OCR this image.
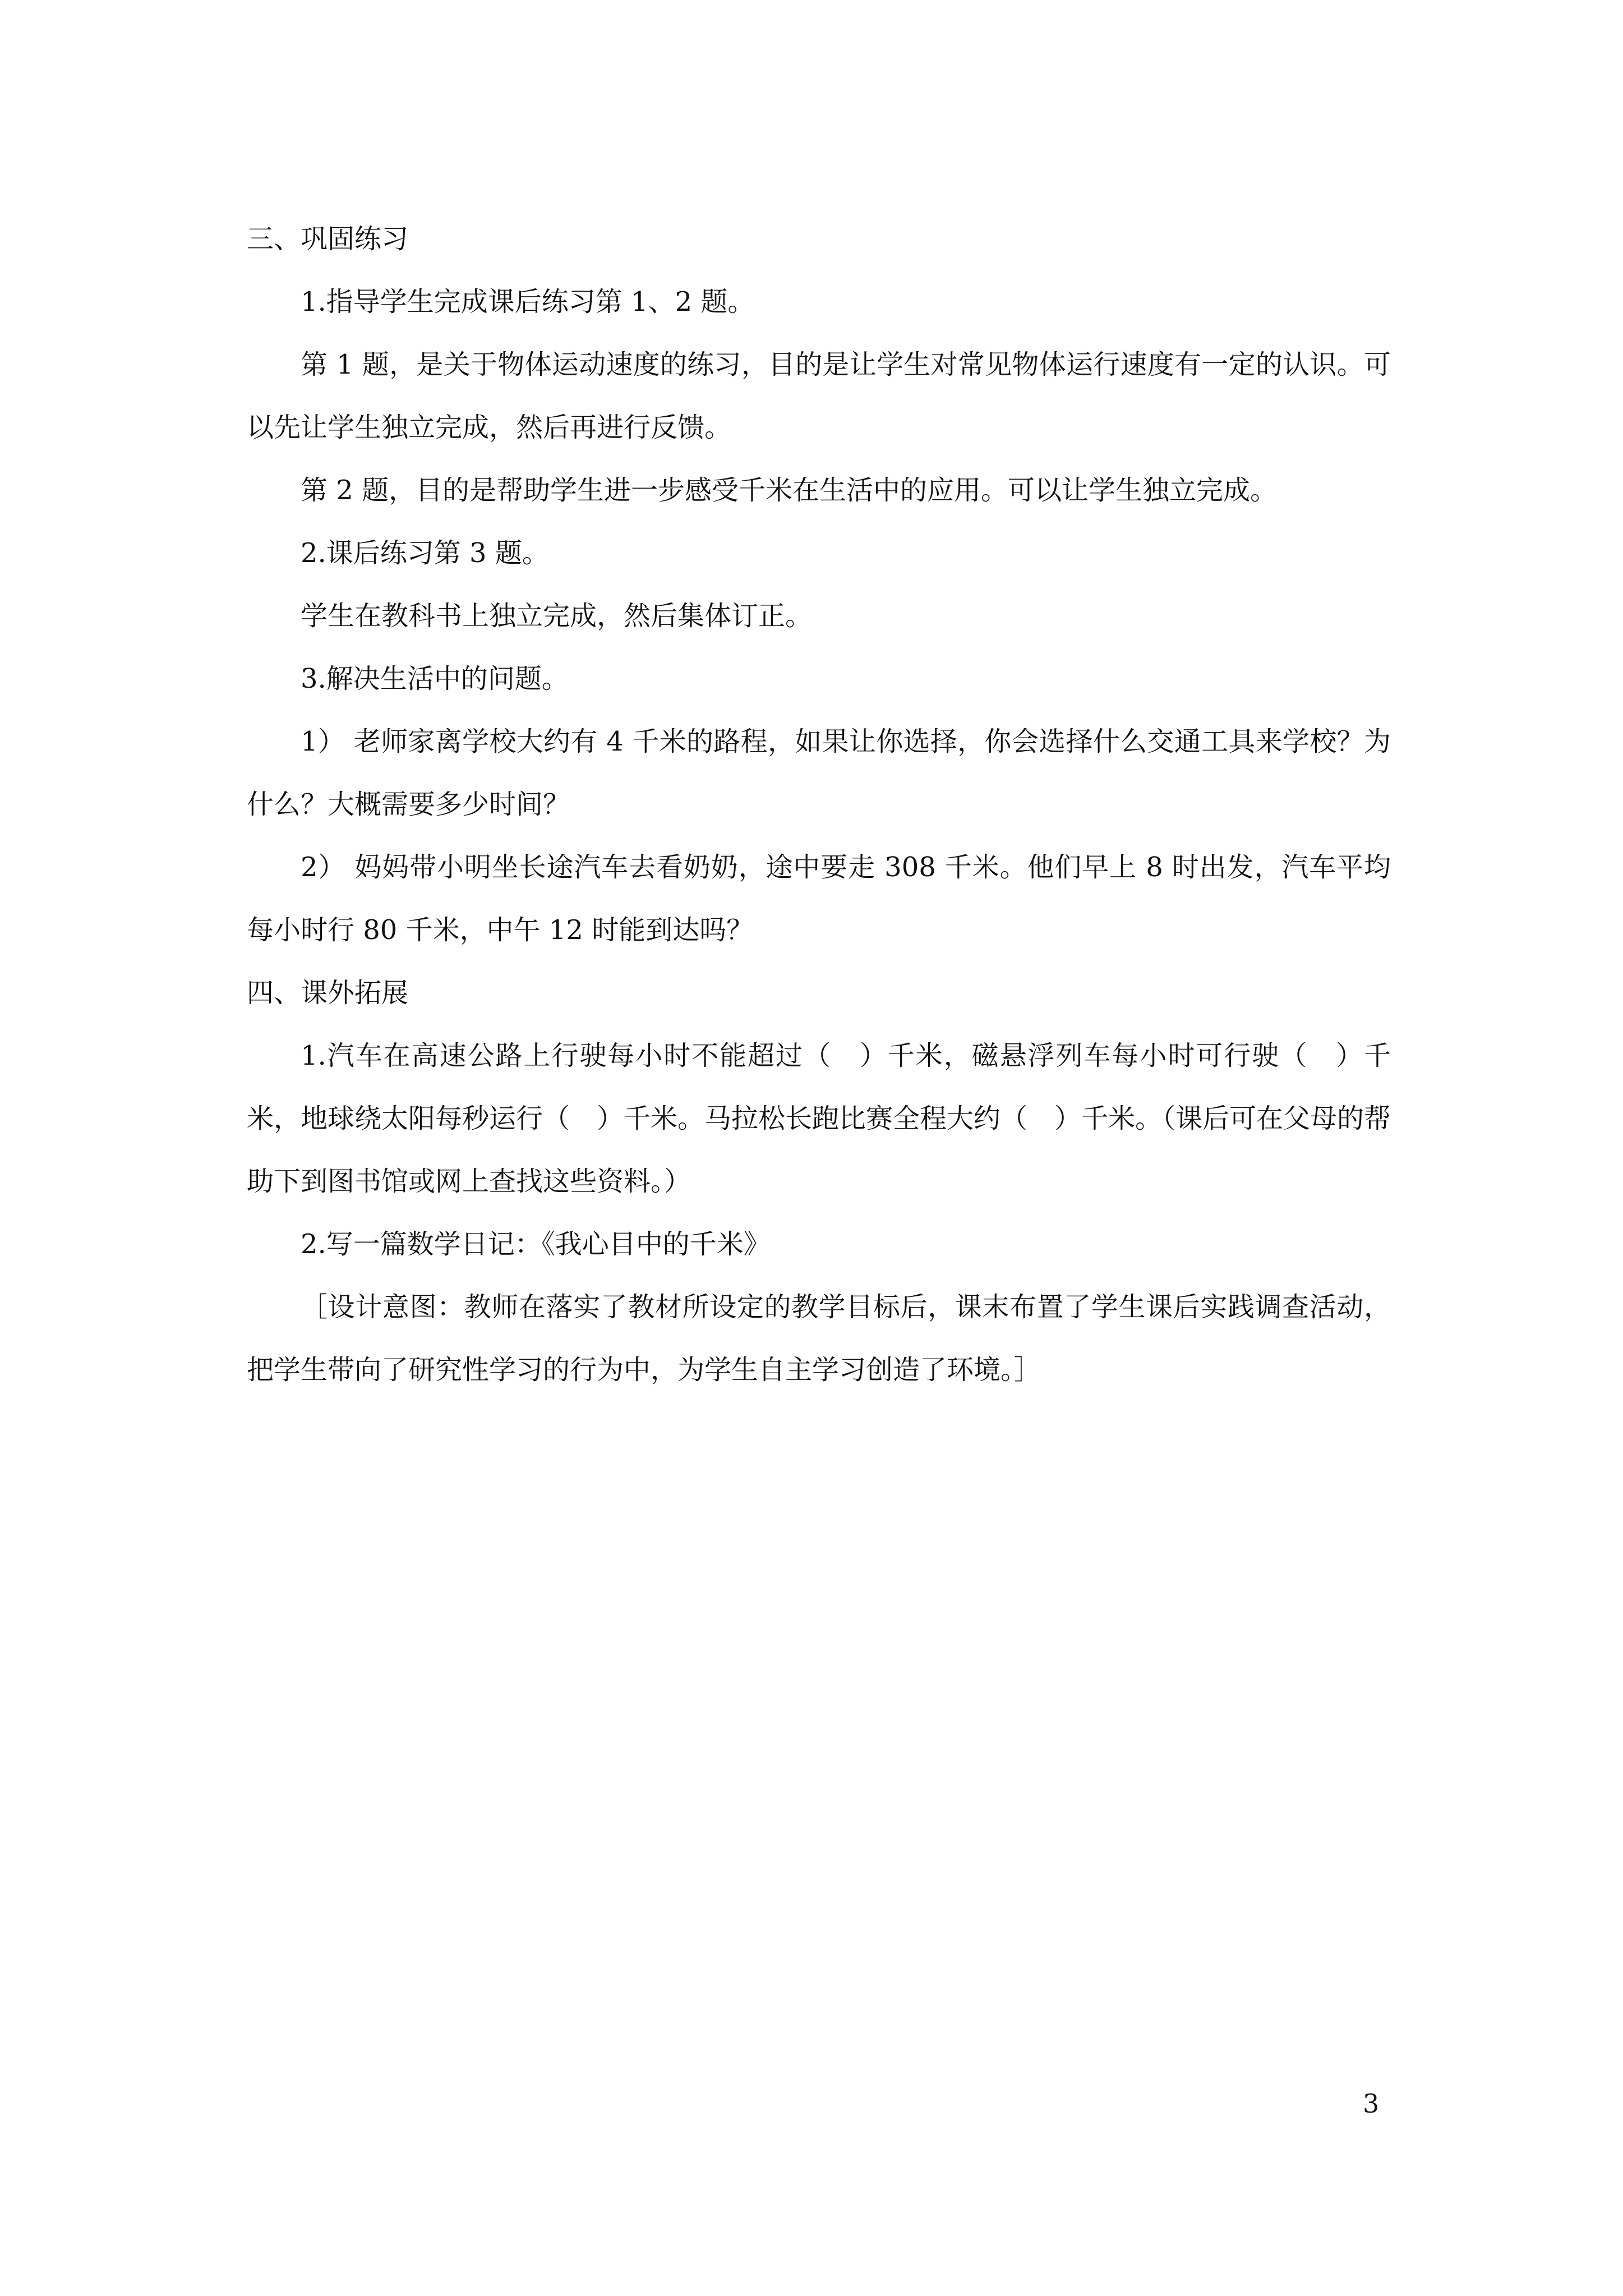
三、巩固练习

1.指导学生完成课后练习第 1、2 题。

第 1 题，是关于物体运动速度的练习，目的是让学生对常见物体运行速度有一定的认识。可以先让学生独立完成，然后再进行反馈。

第 2 题，目的是帮助学生进一步感受千米在生活中的应用。可以让学生独立完成。

2.课后练习第 3 题。

学生在教科书上独立完成，然后集体订正。

3.解决生活中的问题。

1） 老师家离学校大约有 4 千米的路程，如果让你选择，你会选择什么交通工具来学校？为什么？大概需要多少时间？

2） 妈妈带小明坐长途汽车去看奶奶，途中要走 308 千米。他们早上 8 时出发，汽车平均每小时行 80 千米，中午 12 时能到达吗？

四、课外拓展

1.汽车在高速公路上行驶每小时不能超过（　）千米，磁悬浮列车每小时可行驶（　）千米，地球绕太阳每秒运行（　）千米。马拉松长跑比赛全程大约（　）千米。（课后可在父母的帮助下到图书馆或网上查找这些资料。）

2.写一篇数学日记：《我心目中的千米》

［设计意图：教师在落实了教材所设定的教学目标后，课末布置了学生课后实践调查活动，把学生带向了研究性学习的行为中，为学生自主学习创造了环境。］

3
